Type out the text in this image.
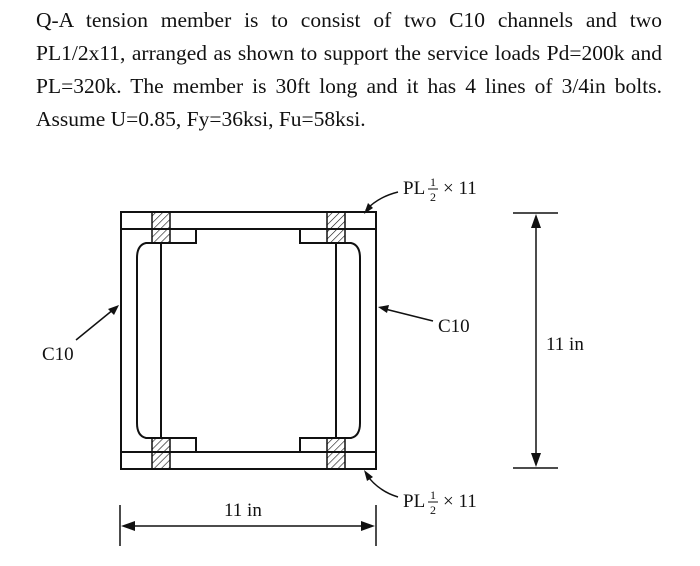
Q-A tension member is to consist of two C10 channels and two PL1/2x11, arranged as shown to support the service loads Pd=200k and PL=320k. The member is 30ft long and it has 4 lines of 3/4in bolts. Assume U=0.85, Fy=36ksi, Fu=58ksi.
PL 1
2 × 11
PL 1
2 × 11
C10
C10	11 in
11 in
